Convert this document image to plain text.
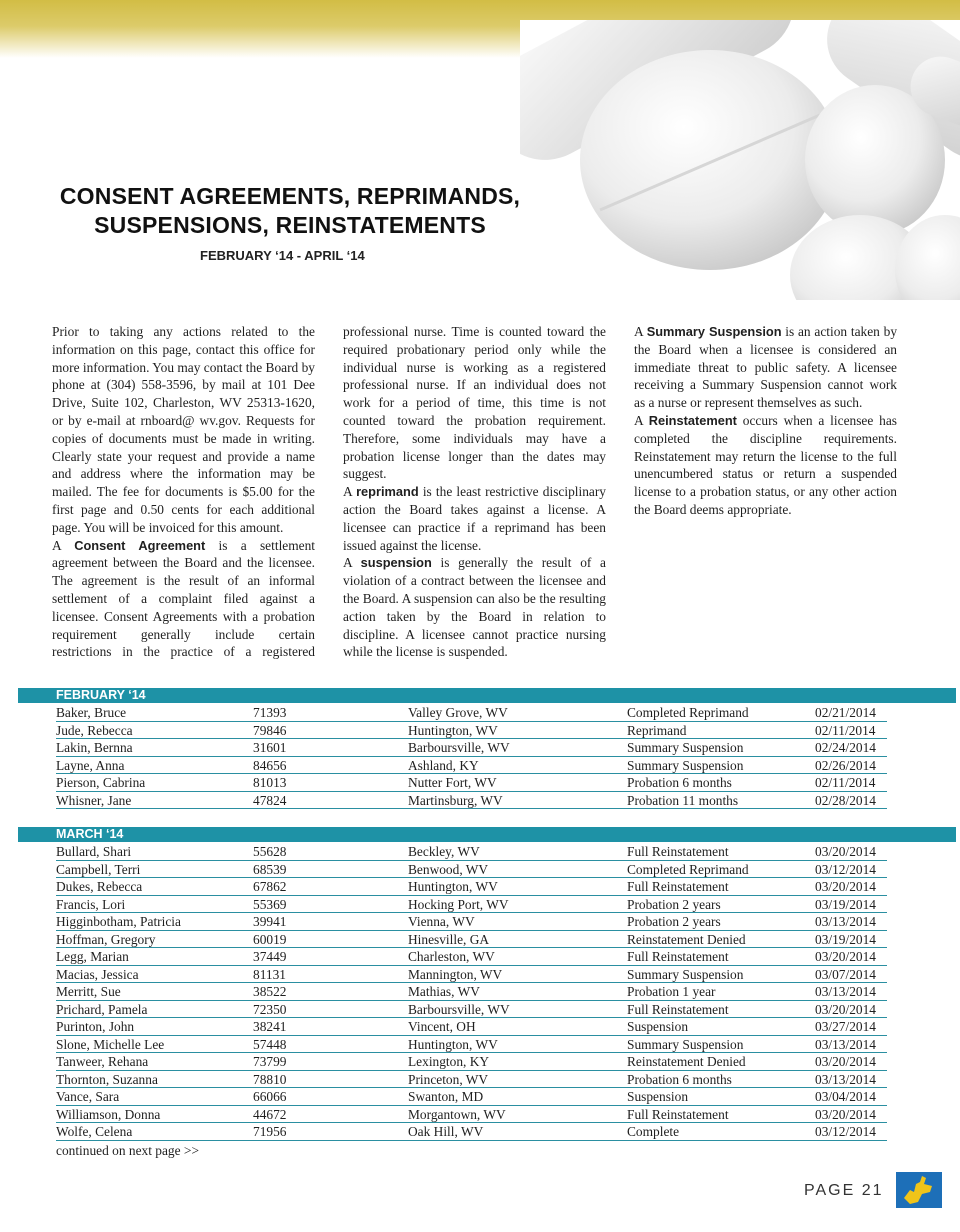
CONSENT AGREEMENTS, REPRIMANDS,
SUSPENSIONS, REINSTATEMENTS
FEBRUARY ‘14 - APRIL ‘14
Baker, Bruce	71393	Valley Grove, WV	Completed Reprimand	02/21/2014
Jude, Rebecca	79846	Huntington, WV	Reprimand	02/11/2014
Lakin, Bernna	31601	Barboursville, WV	Summary Suspension	02/24/2014
Layne, Anna	84656	Ashland, KY	Summary Suspension	02/26/2014
Pierson, Cabrina	81013	Nutter Fort, WV	Probation 6 months	02/11/2014
Whisner, Jane	47824	Martinsburg, WV	Probation 11 months	02/28/2014
FEBRUARY ‘14
Bullard, Shari	55628	Beckley, WV	Full Reinstatement	03/20/2014
Campbell, Terri	68539	Benwood, WV	Completed Reprimand	03/12/2014
Dukes, Rebecca	67862	Huntington, WV	Full Reinstatement	03/20/2014
Francis, Lori	55369	Hocking Port, WV	Probation 2 years	03/19/2014
Higginbotham, Patricia	39941	Vienna, WV	Probation 2 years	03/13/2014
Hoffman, Gregory	60019	Hinesville, GA	Reinstatement Denied	03/19/2014
Legg, Marian	37449	Charleston, WV	Full Reinstatement	03/20/2014
Macias, Jessica	81131	Mannington, WV	Summary Suspension	03/07/2014
Merritt, Sue	38522	Mathias, WV	Probation 1 year	03/13/2014
Prichard, Pamela	72350	Barboursville, WV	Full Reinstatement	03/20/2014
Purinton, John	38241	Vincent, OH	Suspension	03/27/2014
Slone, Michelle Lee	57448	Huntington, WV	Summary Suspension	03/13/2014
Tanweer, Rehana	73799	Lexington, KY	Reinstatement Denied	03/20/2014
Thornton, Suzanna	78810	Princeton, WV	Probation 6 months	03/13/2014
Vance, Sara	66066	Swanton, MD	Suspension	03/04/2014
Williamson, Donna	44672	Morgantown, WV	Full Reinstatement	03/20/2014
Wolfe, Celena	71956	Oak Hill, WV	Complete	03/12/2014
MARCH ‘14
continued on next page >>
PAGE 21

Prior to taking any actions related to the information on this page, contact this office for more information. You may contact the Board by phone at (304) 558-3596, by mail at 101 Dee Drive, Suite 102, Charleston, WV 25313-1620, or by e-mail at rnboard@ wv.gov. Requests for copies of documents must be made in writing. Clearly state your request and provide a name and address where the information may be mailed. The fee for documents is $5.00 for the first page and 0.50 cents for each additional page. You will be invoiced for this amount.

A Consent Agreement is a settlement agreement between the Board and the licensee. The agreement is the result of an informal settlement of a complaint filed against a licensee. Consent Agreements with a probation requirement generally include certain restrictions in the practice of a registered professional nurse. Time is counted toward the required probationary period only while the individual nurse is working as a registered professional nurse. If an individual does not work for a period of time, this time is not counted toward the probation requirement. Therefore, some individuals may have a probation license longer than the dates may suggest.

A reprimand is the least restrictive disciplinary action the Board takes against a license. A licensee can practice if a reprimand has been issued against the license.

A suspension is generally the result of a violation of a contract between the licensee and the Board. A suspension can also be the resulting action taken by the Board in relation to discipline. A licensee cannot practice nursing while the license is suspended.

A Summary Suspension is an action taken by the Board when a licensee is considered an immediate threat to public safety. A licensee receiving a Summary Suspension cannot work as a nurse or represent themselves as such.

A Reinstatement occurs when a licensee has completed the discipline requirements. Reinstatement may return the license to the full unencumbered status or return a suspended license to a probation status, or any other action the Board deems appropriate.
